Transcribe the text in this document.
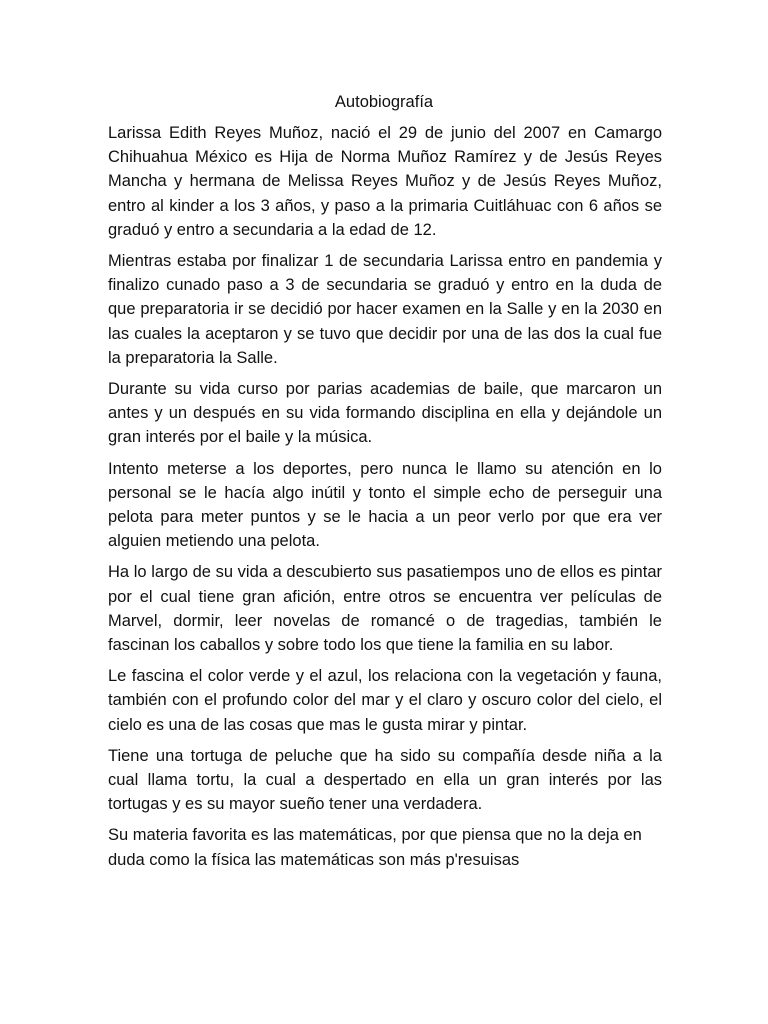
Autobiografía

Larissa Edith Reyes Muñoz, nació el 29 de junio del 2007 en Camargo Chihuahua México es Hija de Norma Muñoz Ramírez y de Jesús Reyes Mancha y hermana de Melissa Reyes Muñoz y de Jesús Reyes Muñoz, entro al kinder a los 3 años, y paso a la primaria Cuitláhuac con 6 años se graduó y entro a secundaria a la edad de 12.

Mientras estaba por finalizar 1 de secundaria Larissa entro en pandemia y finalizo cunado paso a 3 de secundaria se graduó y entro en la duda de que preparatoria ir se decidió por hacer examen en la Salle y en la 2030 en las cuales la aceptaron y se tuvo que decidir por una de las dos la cual fue la preparatoria la Salle.

Durante su vida curso por parias academias de baile, que marcaron un antes y un después en su vida formando disciplina en ella y dejándole un gran interés por el baile y la música.

Intento meterse a los deportes, pero nunca le llamo su atención en lo personal se le hacía algo inútil y tonto el simple echo de perseguir una pelota para meter puntos y se le hacia a un peor verlo por que era ver alguien metiendo una pelota.

Ha lo largo de su vida a descubierto sus pasatiempos uno de ellos es pintar por el cual tiene gran afición, entre otros se encuentra ver películas de Marvel, dormir, leer novelas de romancé o de tragedias, también le fascinan los caballos y sobre todo los que tiene la familia en su labor.

Le fascina el color verde y el azul, los relaciona con la vegetación y fauna, también con el profundo color del mar y el claro y oscuro color del cielo, el cielo es una de las cosas que mas le gusta mirar y pintar.

Tiene una tortuga de peluche que ha sido su compañía desde niña a la cual llama tortu, la cual a despertado en ella un gran interés por las tortugas y es su mayor sueño tener una verdadera.

Su materia favorita es las matemáticas, por que piensa que no la deja en duda como la física las matemáticas son más p'resuisas
